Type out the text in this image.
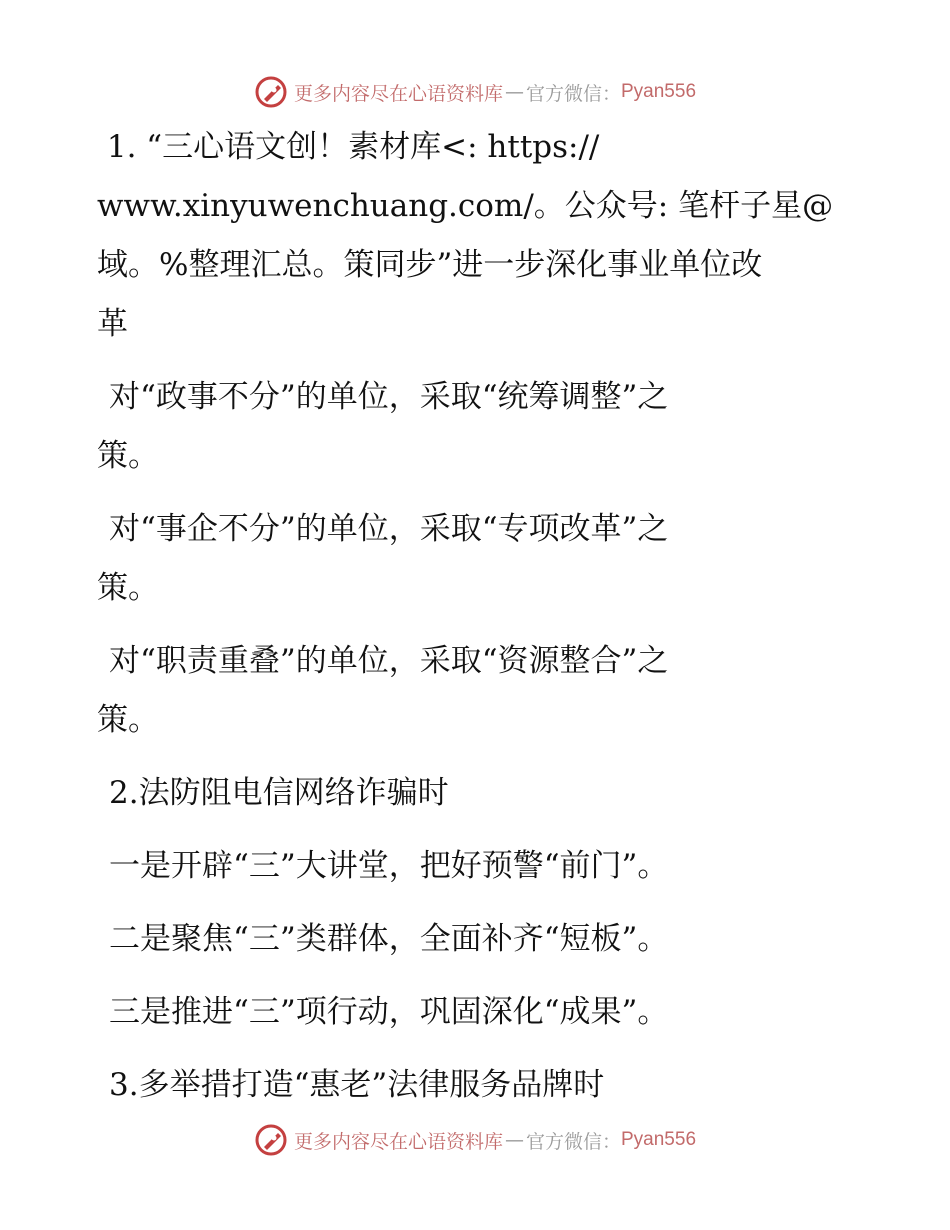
更多内容尽在心语资料库 — 官方微信： Pyan556

1. “三心语文创！素材库<: https://

www.xinyuwenchuang.com/。公众号: 笔杆子星@

域。%整理汇总。策同步”进一步深化事业单位改

革

对“政事不分”的单位，采取“统筹调整”之

策。

对“事企不分”的单位，采取“专项改革”之

策。

对“职责重叠”的单位，采取“资源整合”之

策。

2.法防阻电信网络诈骗时

一是开辟“三”大讲堂，把好预警“前门”。

二是聚焦“三”类群体，全面补齐“短板”。

三是推进“三”项行动，巩固深化“成果”。

3.多举措打造“惠老”法律服务品牌时

更多内容尽在心语资料库 — 官方微信： Pyan556
